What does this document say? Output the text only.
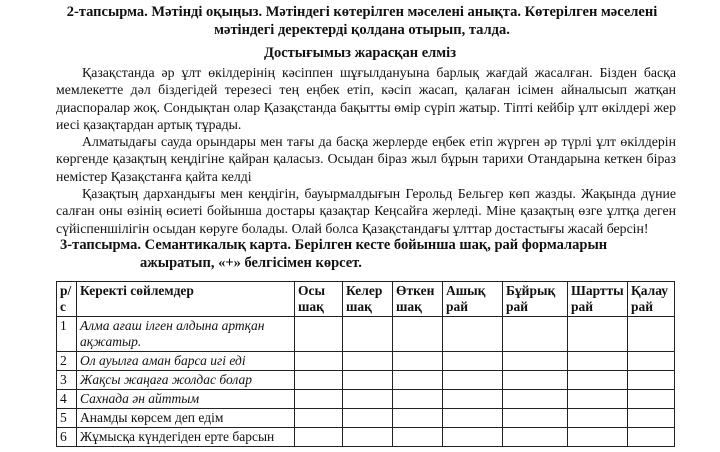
2-тапсырма. Мәтінді оқыңыз. Мәтіндегі көтерілген мәселені анықта. Көтерілген мәселені мәтіндегі деректерді қолдана отырып, талда.
Достығымыз жарасқан елміз

Қазақстанда әр ұлт өкілдерінің кәсіппен шұғылдануына барлық жағдай жасалған. Бізден басқа мемлекетте дәл біздегідей терезесі тең еңбек етіп, кәсіп жасап, қалаған ісімен айналысып жатқан диаспоралар жоқ. Сондықтан олар Қазақстанда бақытты өмір сүріп жатыр. Тіпті кейбір ұлт өкілдері жер иесі қазақтардан артық тұрады.

Алматыдағы сауда орындары мен тағы да басқа жерлерде еңбек етіп жүрген әр түрлі ұлт өкілдерін көргенде қазақтың кеңдігіне қайран қаласыз. Осыдан біраз жыл бұрын тарихи Отандарына кеткен біраз немістер Қазақстанға қайта келді

Қазақтың дархандығы мен кеңдігін, бауырмалдығын Герольд Бельгер көп жазды. Жақында дүние салған оны өзінің өсиеті бойынша достары қазақтар Кеңсайға жерледі. Міне қазақтың өзге ұлтқа деген сүйіспеншілігін осыдан көруге болады. Олай болса Қазақстандағы ұлттар достастығы жасай берсін!

3-тапсырма. Семантикалық карта. Берілген кесте бойынша шақ, рай формаларын
ажыратып, «+» белгісімен көрсет.
р/ с	Керекті сөйлемдер	Осы шақ	Келер шақ	Өткен шақ	Ашық рай	Бұйрық рай	Шартты рай	Қалау рай
1	Алма ағаш ілген алдына артқан ақжатыр.							
2	Ол ауылға аман барса игі еді							
3	Жақсы жаңаға жолдас болар							
4	Сахнада ән айттым							
5	Анамды көрсем деп едім							
6	Жұмысқа күндегіден ерте барсын							
